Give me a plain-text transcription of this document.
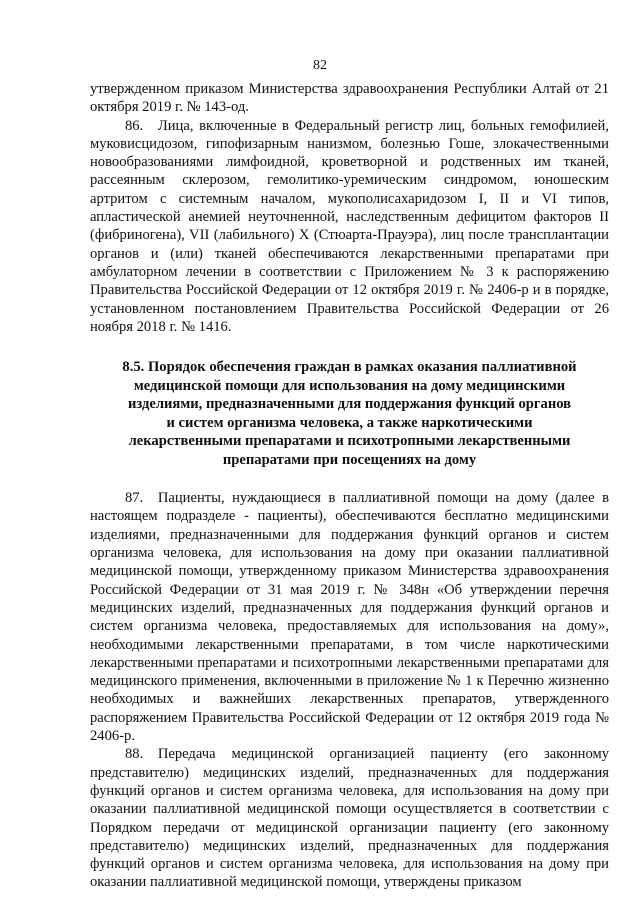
82

утвержденном приказом Министерства здравоохранения Республики Алтай от 21 октября 2019 г. № 143-од.

86. Лица, включенные в Федеральный регистр лиц, больных гемофилией, муковисцидозом, гипофизарным нанизмом, болезнью Гоше, злокачественными новообразованиями лимфоидной, кроветворной и родственных им тканей, рассеянным склерозом, гемолитико-уремическим синдромом, юношеским артритом с системным началом, мукополисахаридозом I, II и VI типов, апластической анемией неуточненной, наследственным дефицитом факторов II (фибриногена), VII (лабильного) X (Стюарта-Прауэра), лиц после трансплантации органов и (или) тканей обеспечиваются лекарственными препаратами при амбулаторном лечении в соответствии с Приложением № 3 к распоряжению Правительства Российской Федерации от 12 октября 2019 г. № 2406-р и в порядке, установленном постановлением Правительства Российской Федерации от 26 ноября 2018 г. № 1416.

8.5. Порядок обеспечения граждан в рамках оказания паллиативной медицинской помощи для использования на дому медицинскими изделиями, предназначенными для поддержания функций органов и систем организма человека, а также наркотическими лекарственными препаратами и психотропными лекарственными препаратами при посещениях на дому

87. Пациенты, нуждающиеся в паллиативной помощи на дому (далее в настоящем подразделе - пациенты), обеспечиваются бесплатно медицинскими изделиями, предназначенными для поддержания функций органов и систем организма человека, для использования на дому при оказании паллиативной медицинской помощи, утвержденному приказом Министерства здравоохранения Российской Федерации от 31 мая 2019 г. № 348н «Об утверждении перечня медицинских изделий, предназначенных для поддержания функций органов и систем организма человека, предоставляемых для использования на дому», необходимыми лекарственными препаратами, в том числе наркотическими лекарственными препаратами и психотропными лекарственными препаратами для медицинского применения, включенными в приложение № 1 к Перечню жизненно необходимых и важнейших лекарственных препаратов, утвержденного распоряжением Правительства Российской Федерации от 12 октября 2019 года № 2406-р.

88. Передача медицинской организацией пациенту (его законному представителю) медицинских изделий, предназначенных для поддержания функций органов и систем организма человека, для использования на дому при оказании паллиативной медицинской помощи осуществляется в соответствии с Порядком передачи от медицинской организации пациенту (его законному представителю) медицинских изделий, предназначенных для поддержания функций органов и систем организма человека, для использования на дому при оказании паллиативной медицинской помощи, утверждены приказом
